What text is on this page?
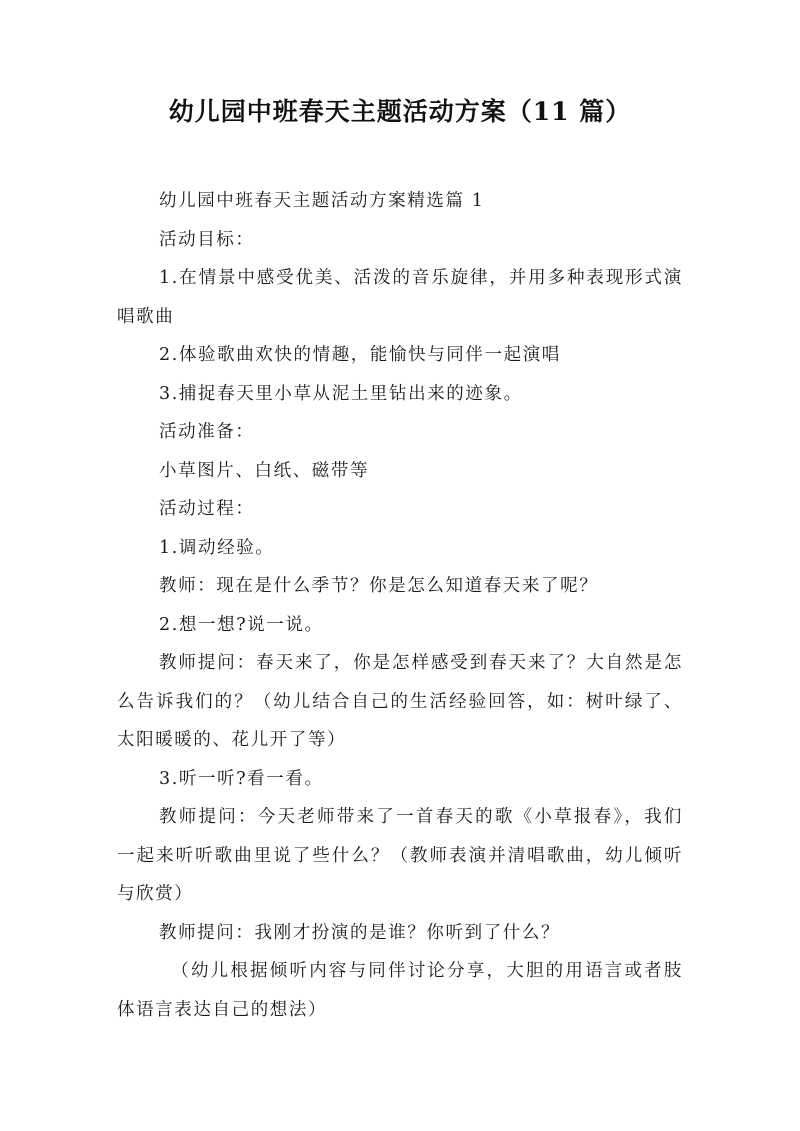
幼儿园中班春天主题活动方案（11 篇）

幼儿园中班春天主题活动方案精选篇 1

活动目标：

1.在情景中感受优美、活泼的音乐旋律，并用多种表现形式演唱歌曲

2.体验歌曲欢快的情趣，能愉快与同伴一起演唱

3.捕捉春天里小草从泥土里钻出来的迹象。

活动准备：

小草图片、白纸、磁带等

活动过程：

1.调动经验。

教师：现在是什么季节？你是怎么知道春天来了呢？

2.想一想?说一说。

教师提问：春天来了，你是怎样感受到春天来了？大自然是怎么告诉我们的？（幼儿结合自己的生活经验回答，如：树叶绿了、太阳暖暖的、花儿开了等）

3.听一听?看一看。

教师提问：今天老师带来了一首春天的歌《小草报春》，我们一起来听听歌曲里说了些什么？（教师表演并清唱歌曲，幼儿倾听与欣赏）

教师提问：我刚才扮演的是谁？你听到了什么？

（幼儿根据倾听内容与同伴讨论分享，大胆的用语言或者肢体语言表达自己的想法）
